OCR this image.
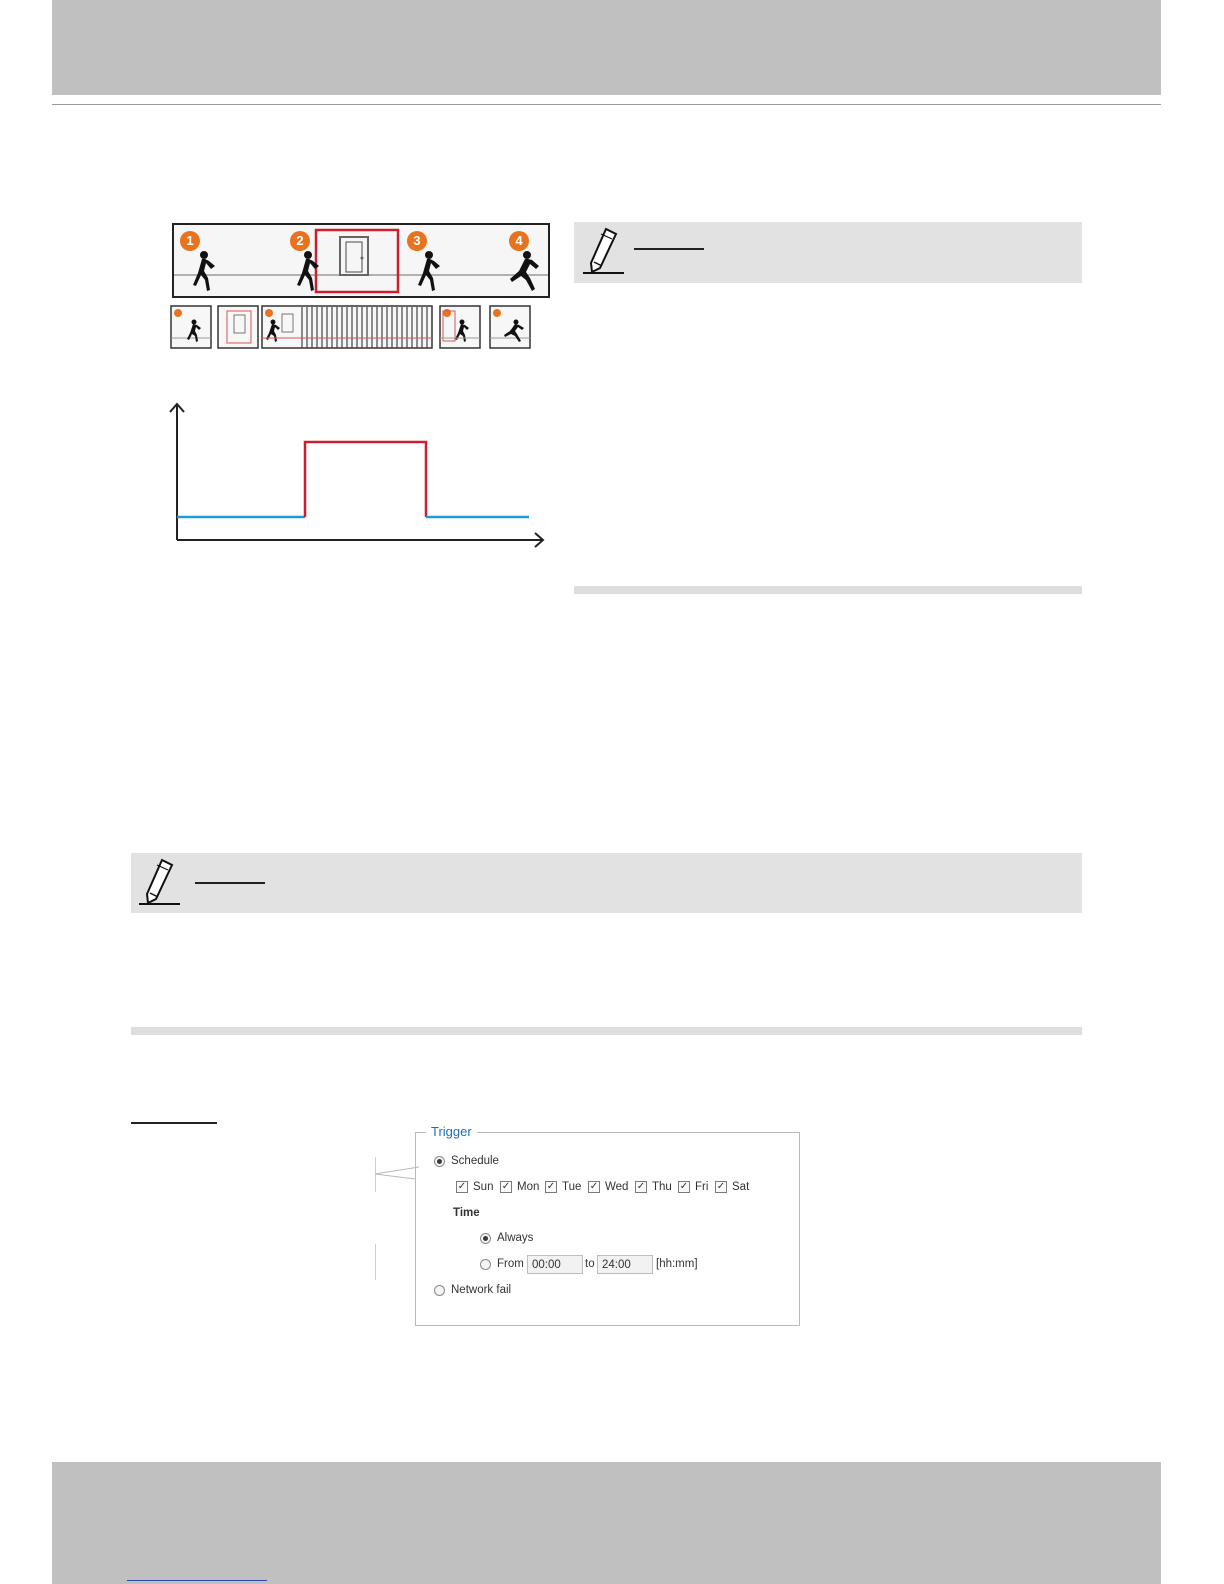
1	2	3	4
Trigger
Schedule
✓ Sun ✓ Mon ✓ Tue ✓ Wed ✓ Thu ✓ Fri ✓ Sat
Time
Always
From
00:00	to
24:00	[hh:mm]
Network fail
